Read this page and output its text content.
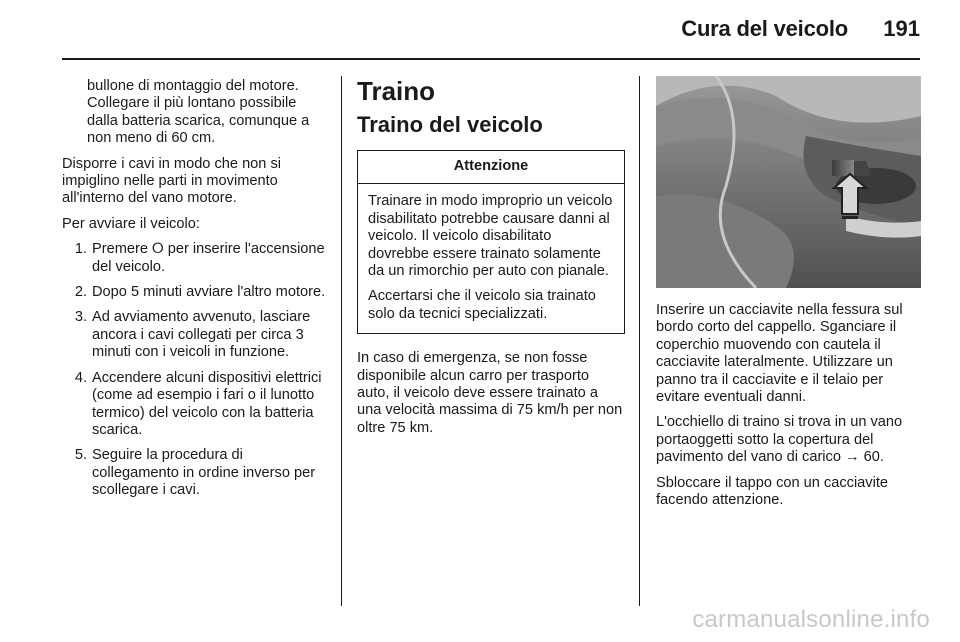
Cura del veicolo 191

bullone di montaggio del motore. Collegare il più lontano possibile dalla batteria scarica, comunque a non meno di 60 cm.

Disporre i cavi in modo che non si impiglino nelle parti in movimento all'interno del vano motore.

Per avviare il veicolo:

1. Premere ⭘ per inserire l'accensione del veicolo.
2. Dopo 5 minuti avviare l'altro motore.
3. Ad avviamento avvenuto, lasciare ancora i cavi collegati per circa 3 minuti con i veicoli in funzione.
4. Accendere alcuni dispositivi elettrici (come ad esempio i fari o il lunotto termico) del veicolo con la batteria scarica.
5. Seguire la procedura di collegamento in ordine inverso per scollegare i cavi.
Traino
Traino del veicolo
Attenzione

Trainare in modo improprio un veicolo disabilitato potrebbe causare danni al veicolo. Il veicolo disabilitato dovrebbe essere trainato solamente da un rimorchio per auto con pianale.

Accertarsi che il veicolo sia trainato solo da tecnici specializzati.

In caso di emergenza, se non fosse disponibile alcun carro per trasporto auto, il veicolo deve essere trainato a una velocità massima di 75 km/h per non oltre 75 km.

Inserire un cacciavite nella fessura sul bordo corto del cappello. Sganciare il coperchio muovendo con cautela il cacciavite lateralmente. Utilizzare un panno tra il cacciavite e il telaio per evitare eventuali danni.

L'occhiello di traino si trova in un vano portaoggetti sotto la copertura del pavimento del vano di carico → 60.

Sbloccare il tappo con un cacciavite facendo attenzione.

carmanualsonline.info
